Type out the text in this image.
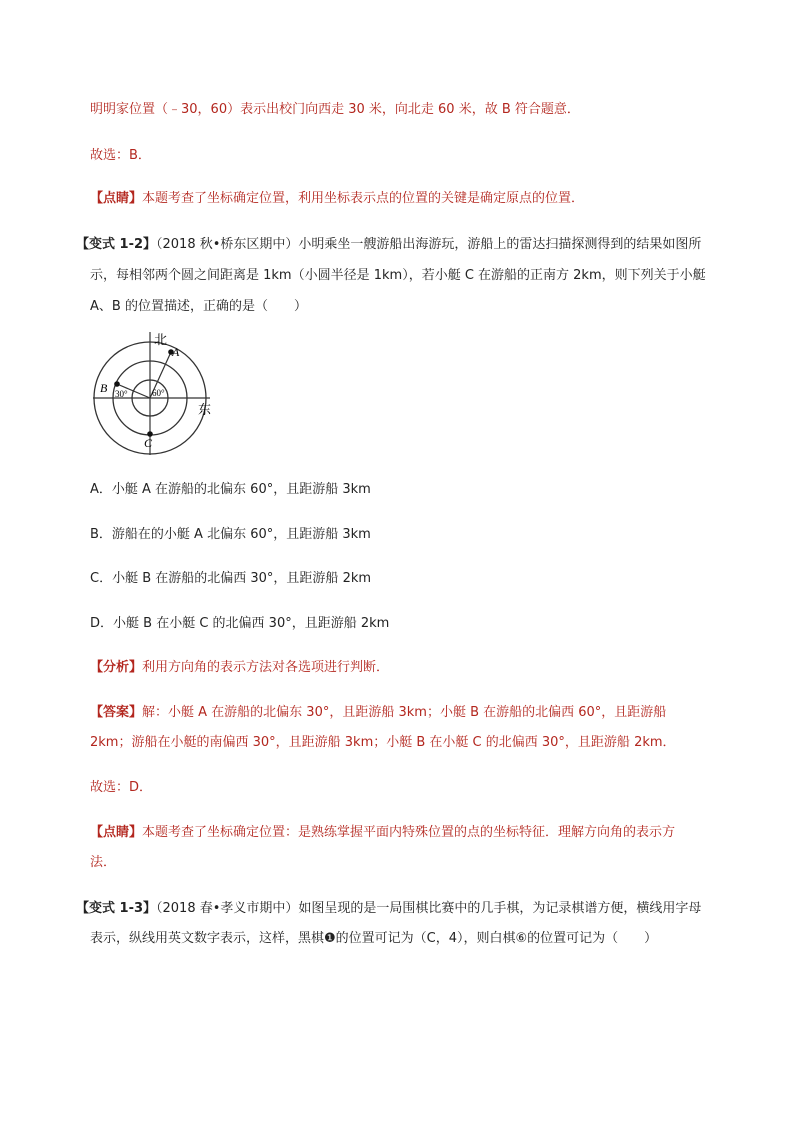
明明家位置（﹣30，60）表示出校门向西走 30 米，向北走 60 米，故 B 符合题意．
故选：B．
【点睛】本题考查了坐标确定位置，利用坐标表示点的位置的关键是确定原点的位置．
【变式 1-2】（2018 秋•桥东区期中）小明乘坐一艘游船出海游玩，游船上的雷达扫描探测得到的结果如图所
示，每相邻两个圆之间距离是 1km（小圆半径是 1km），若小艇 C 在游船的正南方 2km，则下列关于小艇
A、B 的位置描述，正确的是（　　）
北
A
B
C
30°	60°
东
A．小艇 A 在游船的北偏东 60°，且距游船 3km
B．游船在的小艇 A 北偏东 60°，且距游船 3km
C．小艇 B 在游船的北偏西 30°，且距游船 2km
D．小艇 B 在小艇 C 的北偏西 30°，且距游船 2km
【分析】利用方向角的表示方法对各选项进行判断．
【答案】解：小艇 A 在游船的北偏东 30°，且距游船 3km；小艇 B 在游船的北偏西 60°，且距游船
2km；游船在小艇的南偏西 30°，且距游船 3km；小艇 B 在小艇 C 的北偏西 30°，且距游船 2km．
故选：D．
【点睛】本题考查了坐标确定位置：是熟练掌握平面内特殊位置的点的坐标特征．理解方向角的表示方
法．
【变式 1-3】（2018 春•孝义市期中）如图呈现的是一局围棋比赛中的几手棋，为记录棋谱方便，横线用字母
表示，纵线用英文数字表示，这样，黑棋❶的位置可记为（C，4），则白棋⑥的位置可记为（　　）
